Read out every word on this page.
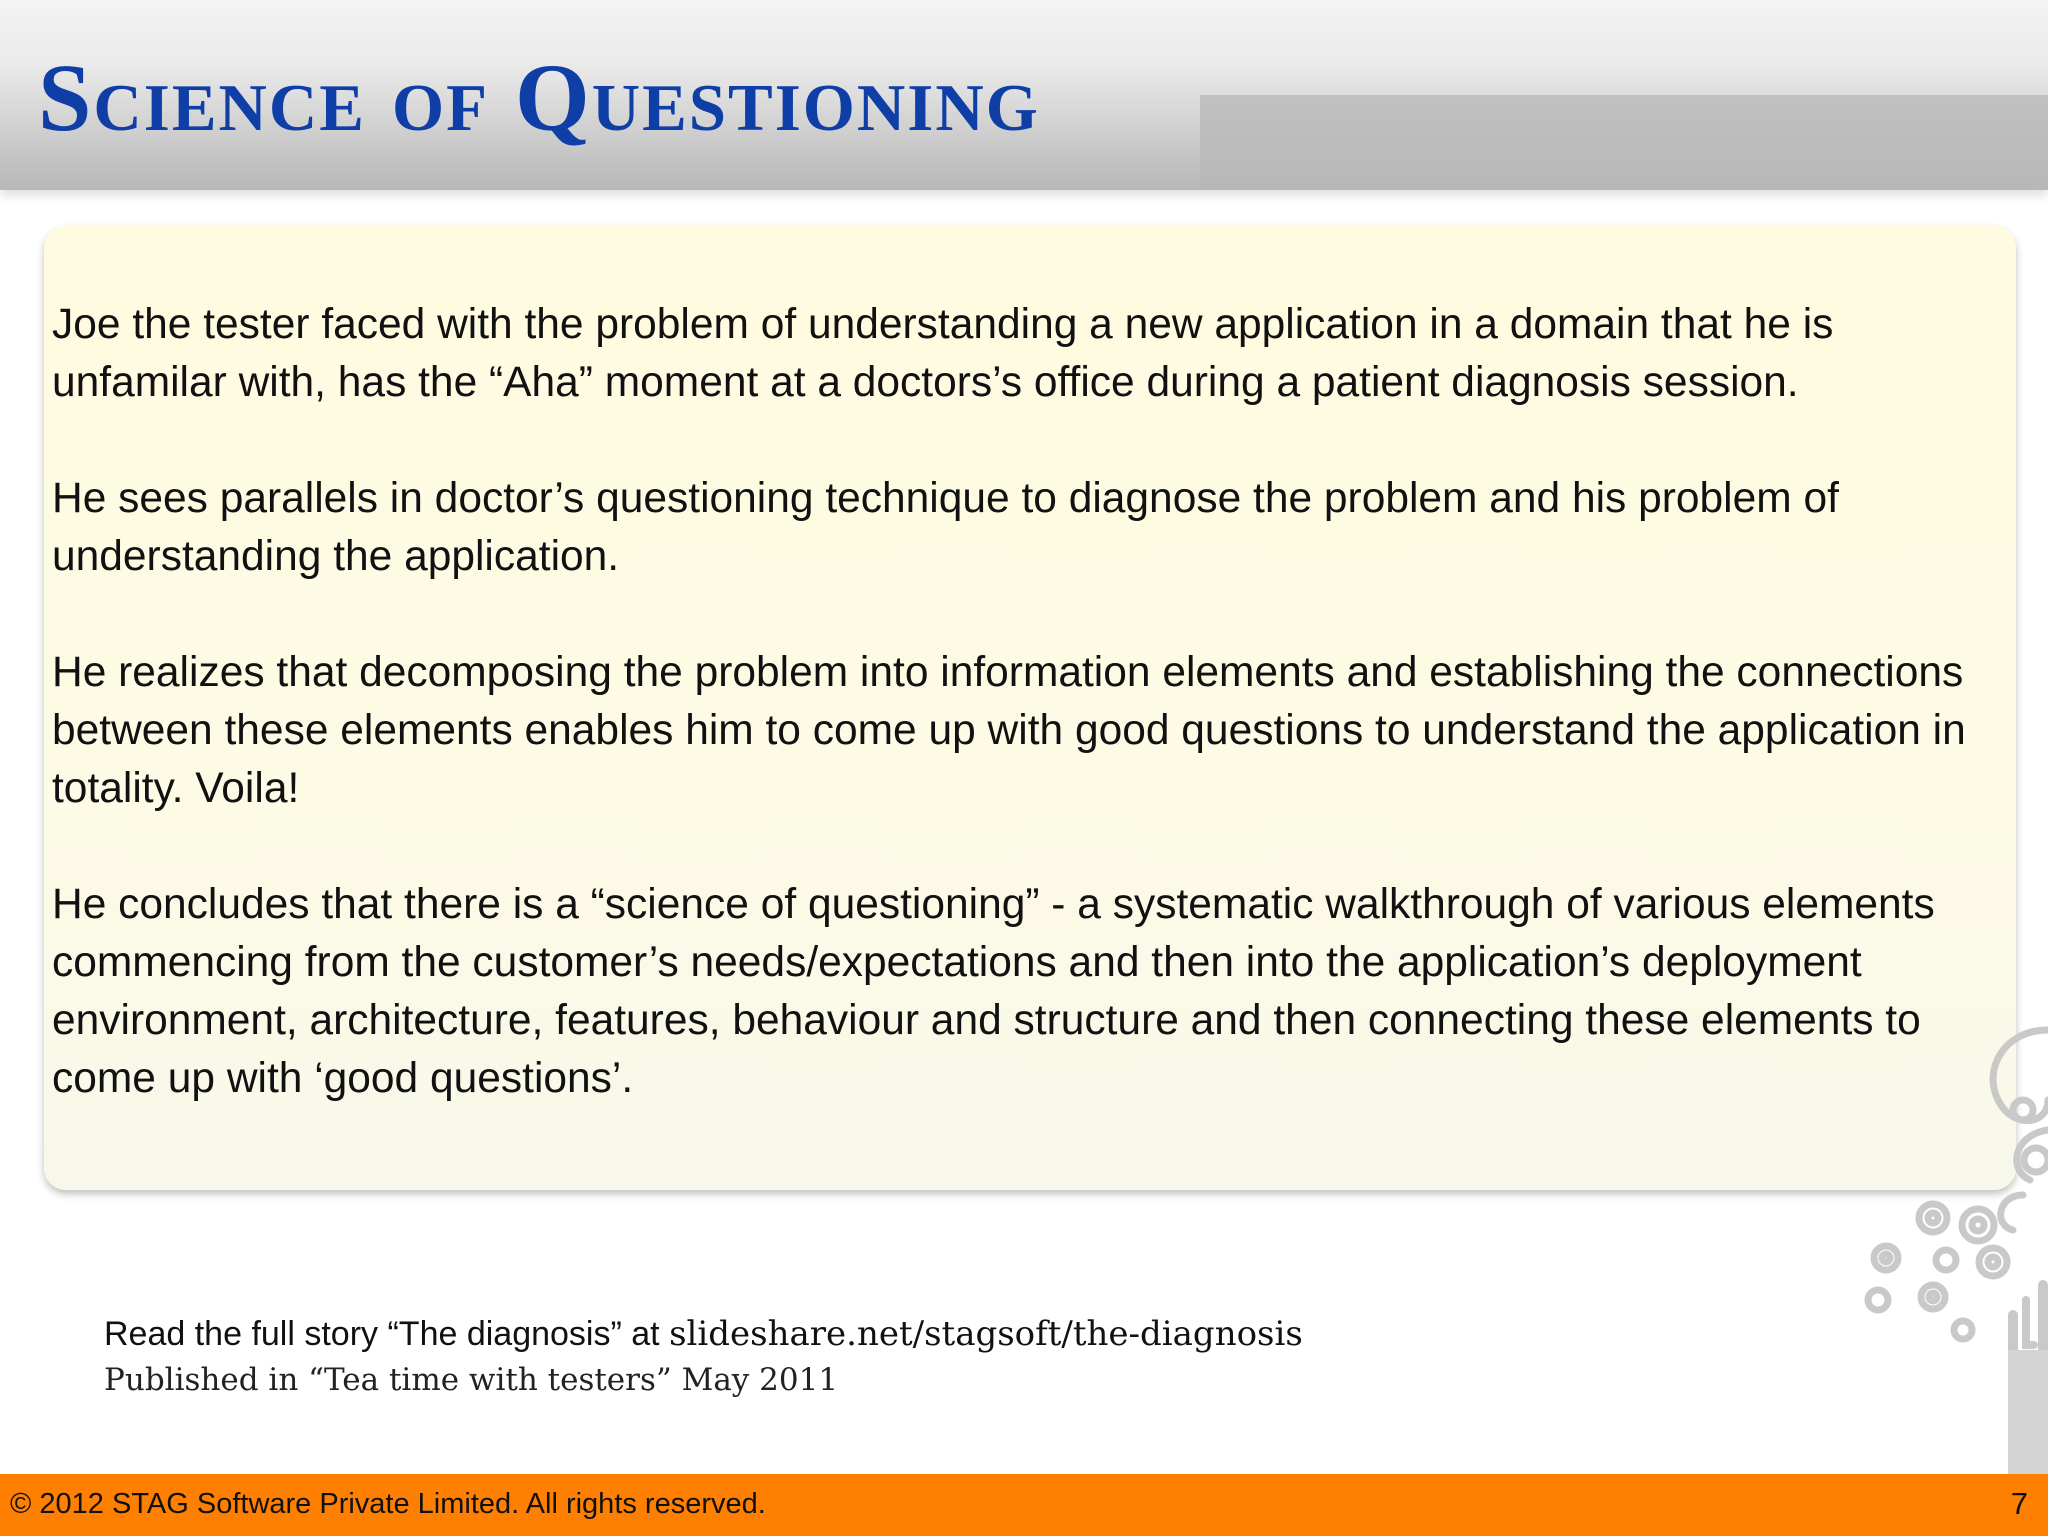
Science of Questioning

Joe the tester faced with the problem of understanding a new application in a domain that he is unfamilar with, has the “Aha” moment at a doctors’s office during a patient diagnosis session.

He sees parallels in doctor’s questioning technique to diagnose the problem and his problem of understanding the application.

He realizes that decomposing the problem into information elements and establishing the connections between these elements enables him to come up with good questions to understand the application in totality. Voila!

He concludes that there is a “science of questioning” - a systematic walkthrough of various elements commencing from the customer’s needs/expectations and then into the application’s deployment environment, architecture, features, behaviour and structure and then connecting these elements to come up with ‘good questions’.

Read the full story “The diagnosis” at slideshare.net/stagsoft/the-diagnosis
Published in “Tea time with testers” May 2011
© 2012 STAG Software Private Limited. All rights reserved.	7
